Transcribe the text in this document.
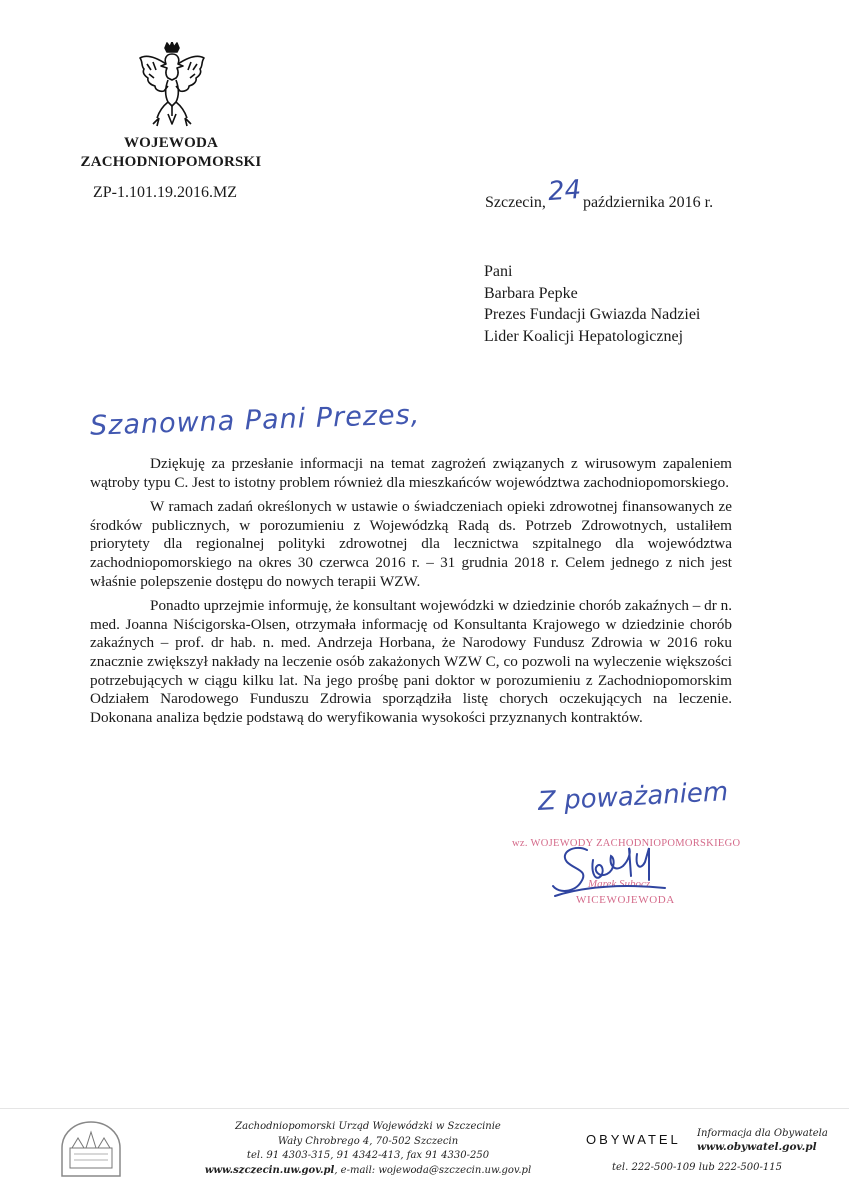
WOJEWODA
ZACHODNIOPOMORSKI
ZP-1.101.19.2016.MZ
Szczecin,24października 2016 r.
Pani
Barbara Pepke
Prezes Fundacji Gwiazda Nadziei
Lider Koalicji Hepatologicznej
Szanowna Pani Prezes,

Dziękuję za przesłanie informacji na temat zagrożeń związanych z wirusowym zapaleniem wątroby typu C. Jest to istotny problem również dla mieszkańców województwa zachodniopomorskiego.

W ramach zadań określonych w ustawie o świadczeniach opieki zdrowotnej finansowanych ze środków publicznych, w porozumieniu z Wojewódzką Radą ds. Potrzeb Zdrowotnych, ustaliłem priorytety dla regionalnej polityki zdrowotnej dla lecznictwa szpitalnego dla województwa zachodniopomorskiego na okres 30 czerwca 2016 r. – 31 grudnia 2018 r. Celem jednego z nich jest właśnie polepszenie dostępu do nowych terapii WZW.

Ponadto uprzejmie informuję, że konsultant wojewódzki w dziedzinie chorób zakaźnych – dr n. med. Joanna Niścigorska-Olsen, otrzymała informację od Konsultanta Krajowego w dziedzinie chorób zakaźnych – prof. dr hab. n. med. Andrzeja Horbana, że Narodowy Fundusz Zdrowia w 2016 roku znacznie zwiększył nakłady na leczenie osób zakażonych WZW C, co pozwoli na wyleczenie większości potrzebujących w ciągu kilku lat. Na jego prośbę pani doktor w porozumieniu z Zachodniopomorskim Odziałem Narodowego Funduszu Zdrowia sporządziła listę chorych oczekujących na leczenie. Dokonana analiza będzie podstawą do weryfikowania wysokości przyznanych kontraktów.

Z poważaniem
wz. WOJEWODY ZACHODNIOPOMORSKIEGO
Marek Subocz
WICEWOJEWODA
Zachodniopomorski Urząd Wojewódzki w Szczecinie
Wały Chrobrego 4, 70-502 Szczecin
tel. 91 4303-315, 91 4342-413, fax 91 4330-250
www.szczecin.uw.gov.pl, e-mail: wojewoda@szczecin.uw.gov.pl
OBYWATEL Informacja dla Obywatela
www.obywatel.gov.pl
tel. 222-500-109 lub 222-500-115
